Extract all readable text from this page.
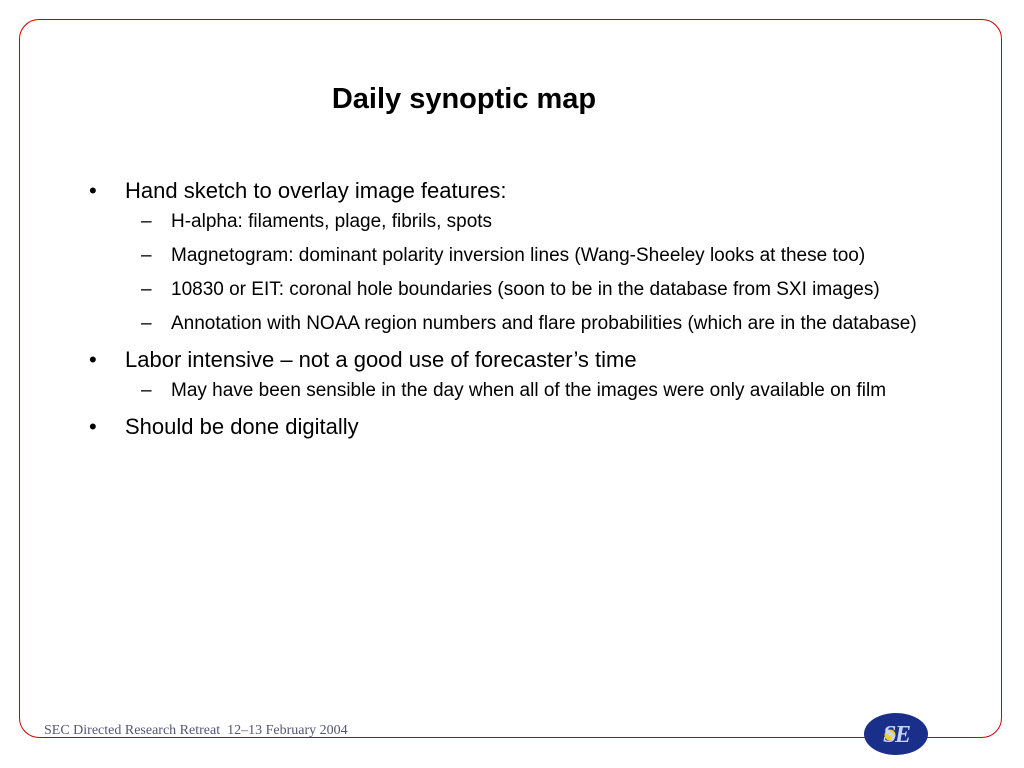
Daily synoptic map
• Hand sketch to overlay image features:
– H-alpha: filaments, plage, fibrils, spots
– Magnetogram: dominant polarity inversion lines (Wang-Sheeley looks at these too)
– 10830 or EIT: coronal hole boundaries (soon to be in the database from SXI images)
– Annotation with NOAA region numbers and flare probabilities (which are in the database)
• Labor intensive – not a good use of forecaster’s time
– May have been sensible in the day when all of the images were only available on film
• Should be done digitally
SEC Directed Research Retreat  12–13 February 2004	S
E
